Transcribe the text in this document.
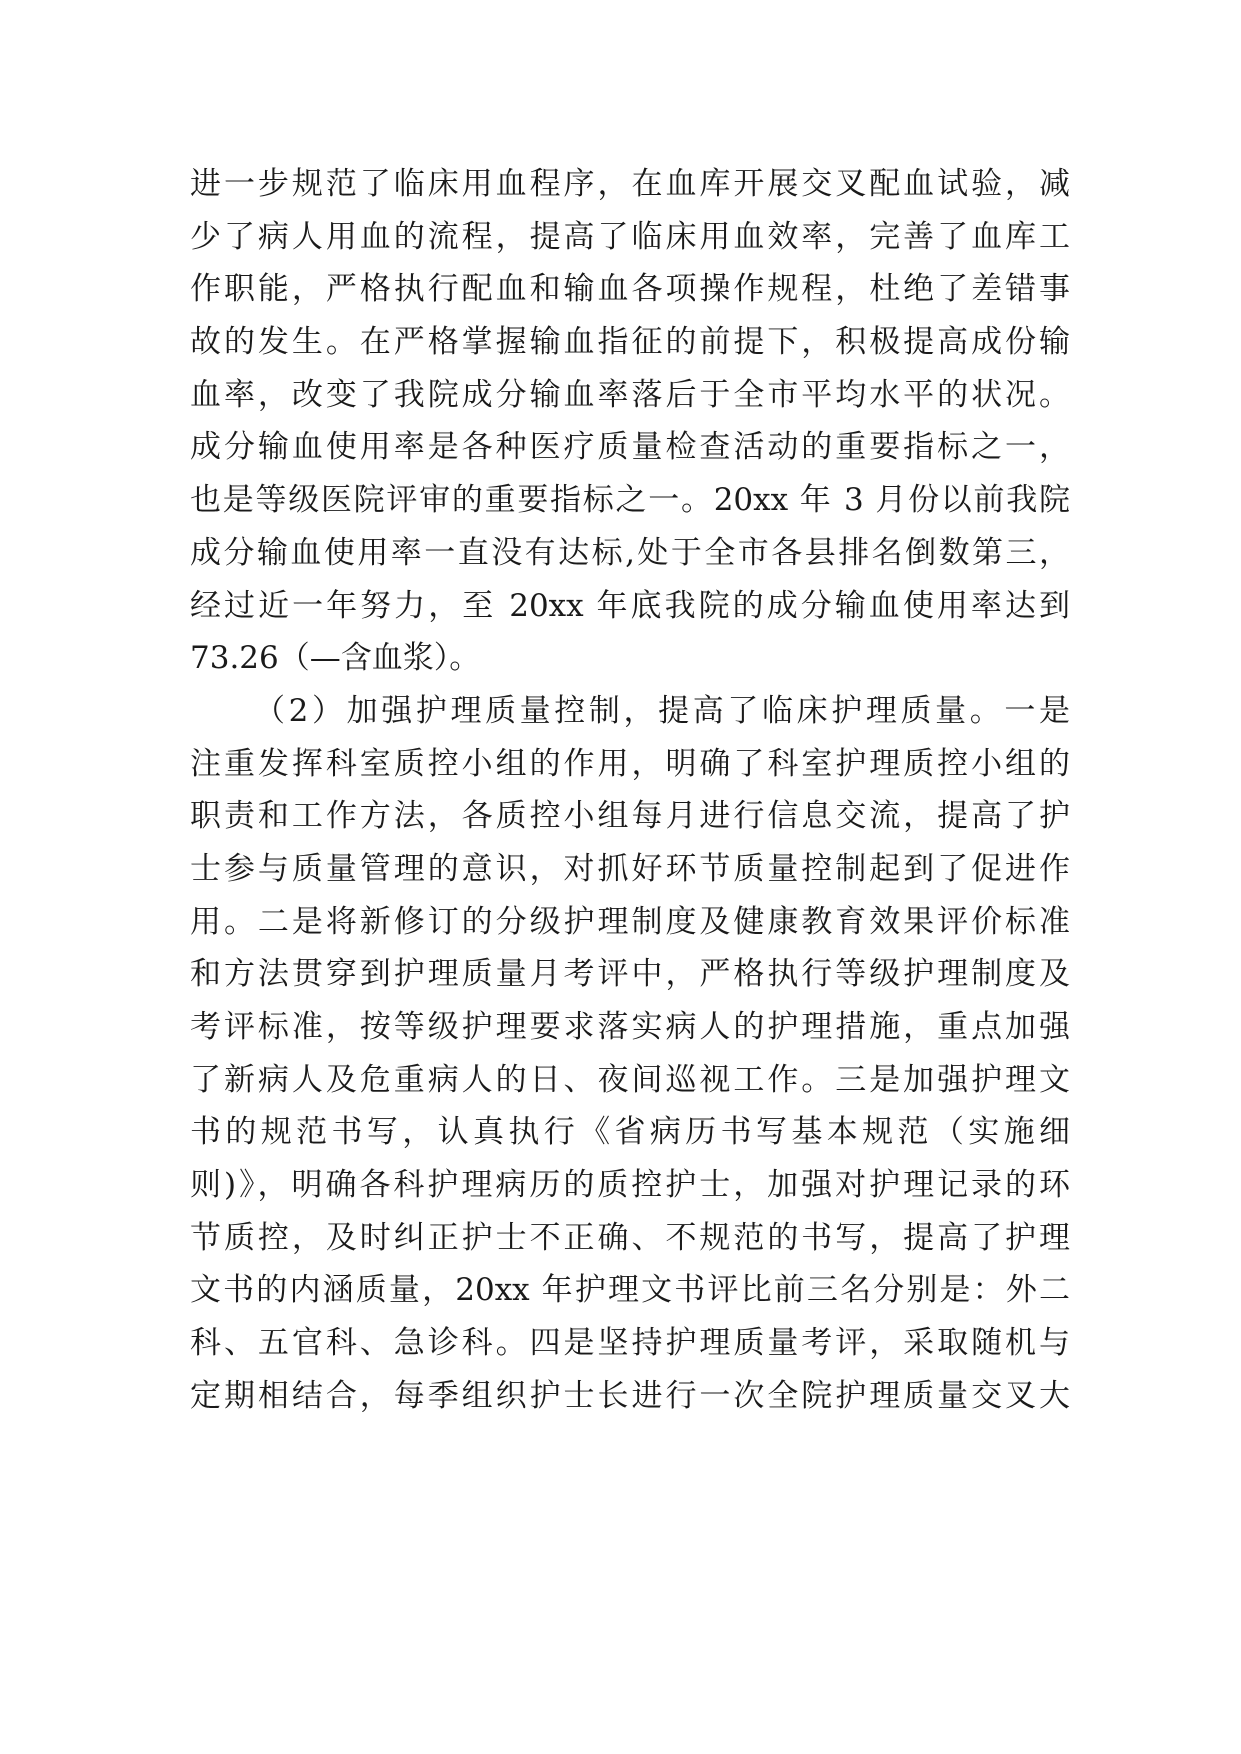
进一步规范了临床用血程序，在血库开展交叉配血试验，减
少了病人用血的流程，提高了临床用血效率，完善了血库工
作职能，严格执行配血和输血各项操作规程，杜绝了差错事
故的发生。在严格掌握输血指征的前提下，积极提高成份输
血率，改变了我院成分输血率落后于全市平均水平的状况。
成分输血使用率是各种医疗质量检查活动的重要指标之一，
也是等级医院评审的重要指标之一。20xx 年 3 月份以前我院
成分输血使用率一直没有达标,处于全市各县排名倒数第三，
经过近一年努力，至 20xx 年底我院的成分输血使用率达到
73.26（—含血浆）。
（2）加强护理质量控制，提高了临床护理质量。一是
注重发挥科室质控小组的作用，明确了科室护理质控小组的
职责和工作方法，各质控小组每月进行信息交流，提高了护
士参与质量管理的意识，对抓好环节质量控制起到了促进作
用。二是将新修订的分级护理制度及健康教育效果评价标准
和方法贯穿到护理质量月考评中，严格执行等级护理制度及
考评标准，按等级护理要求落实病人的护理措施，重点加强
了新病人及危重病人的日、夜间巡视工作。三是加强护理文
书的规范书写，认真执行《省病历书写基本规范（实施细
则)》，明确各科护理病历的质控护士，加强对护理记录的环
节质控，及时纠正护士不正确、不规范的书写，提高了护理
文书的内涵质量，20xx 年护理文书评比前三名分别是：外二
科、五官科、急诊科。四是坚持护理质量考评，采取随机与
定期相结合，每季组织护士长进行一次全院护理质量交叉大
